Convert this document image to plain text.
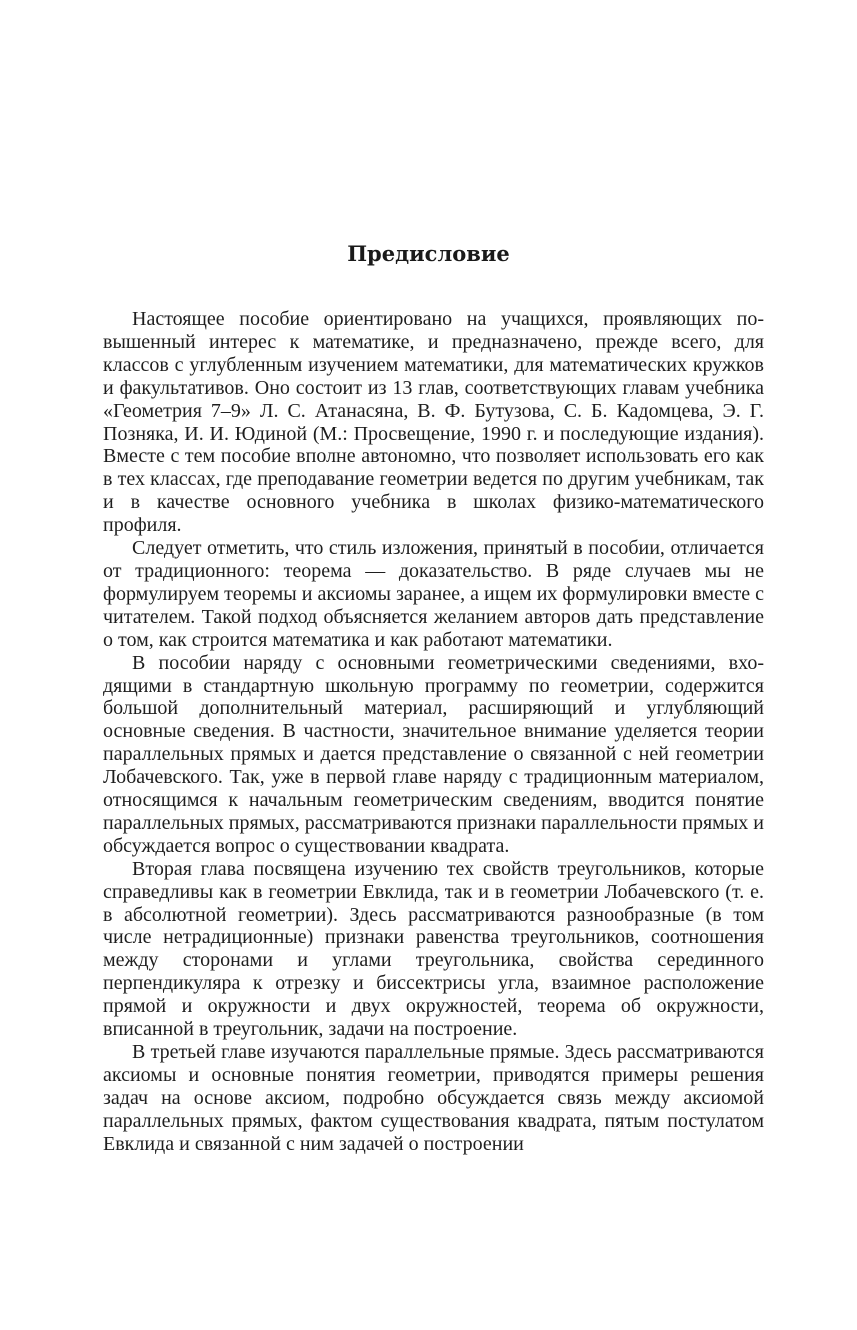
Предисловие

Настоящее пособие ориентировано на учащихся, проявляющих повышенный интерес к математике, и предназначено, прежде всего, для классов с углубленным изучением математики, для математических кружков и факультативов. Оно состоит из 13 глав, соответствующих главам учебника «Геометрия 7–9» Л. С. Атанасяна, В. Ф. Бутузова, С. Б. Кадомцева, Э. Г. Позняка, И. И. Юдиной (М.: Просвещение, 1990 г. и последующие издания). Вместе с тем пособие вполне автономно, что позволяет использовать его как в тех классах, где преподавание геометрии ведется по другим учебникам, так и в качестве основного учебника в школах физико-математического профиля.

Следует отметить, что стиль изложения, принятый в пособии, отличается от традиционного: теорема — доказательство. В ряде случаев мы не формулируем теоремы и аксиомы заранее, а ищем их формулировки вместе с читателем. Такой подход объясняется желанием авторов дать представление о том, как строится математика и как работают математики.

В пособии наряду с основными геометрическими сведениями, входящими в стандартную школьную программу по геометрии, содержится большой дополнительный материал, расширяющий и углубляющий основные сведения. В частности, значительное внимание уделяется теории параллельных прямых и дается представление о связанной с ней геометрии Лобачевского. Так, уже в первой главе наряду с традиционным материалом, относящимся к начальным геометрическим сведениям, вводится понятие параллельных прямых, рассматриваются признаки параллельности прямых и обсуждается вопрос о существовании квадрата.

Вторая глава посвящена изучению тех свойств треугольников, которые справедливы как в геометрии Евклида, так и в геометрии Лобачевского (т. е. в абсолютной геометрии). Здесь рассматриваются разнообразные (в том числе нетрадиционные) признаки равенства треугольников, соотношения между сторонами и углами треугольника, свойства серединного перпендикуляра к отрезку и биссектрисы угла, взаимное расположение прямой и окружности и двух окружностей, теорема об окружности, вписанной в треугольник, задачи на построение.

В третьей главе изучаются параллельные прямые. Здесь рассматриваются аксиомы и основные понятия геометрии, приводятся примеры решения задач на основе аксиом, подробно обсуждается связь между аксиомой параллельных прямых, фактом существования квадрата, пятым постулатом Евклида и связанной с ним задачей о построении
